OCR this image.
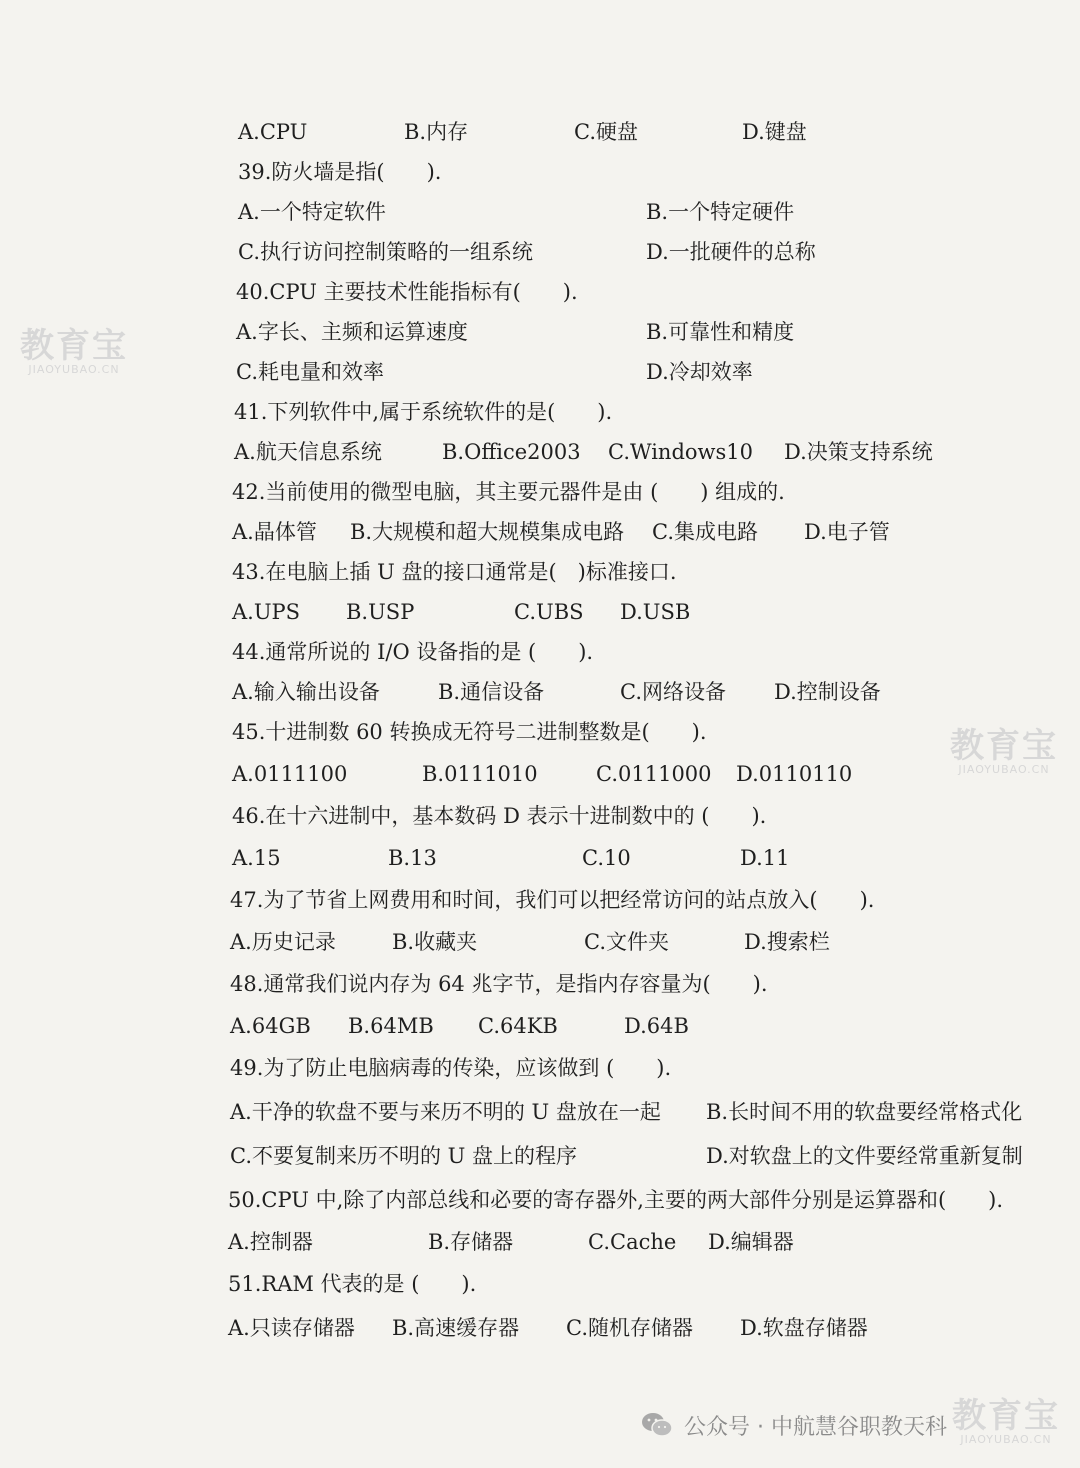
A.CPU	B.内存	C.硬盘	D.键盘
39.防火墙是指(　　).
A.一个特定软件	B.一个特定硬件
C.执行访问控制策略的一组系统	D.一批硬件的总称
40.CPU 主要技术性能指标有(　　).
A.字长、主频和运算速度	B.可靠性和精度
C.耗电量和效率	D.冷却效率
41.下列软件中,属于系统软件的是(　　).
A.航天信息系统	B.Office2003 C.Windows10 D.决策支持系统
42.当前使用的微型电脑，其主要元器件是由 (　　) 组成的.
A.晶体管 B.大规模和超大规模集成电路 C.集成电路 D.电子管
43.在电脑上插 U 盘的接口通常是(　)标准接口.
A.UPS B.USP	C.UBS D.USB
44.通常所说的 I/O 设备指的是 (　　).
A.输入输出设备	B.通信设备	C.网络设备 D.控制设备
45.十进制数 60 转换成无符号二进制整数是(　　).
A.0111100	B.0111010	C.0111000 D.0110110
46.在十六进制中，基本数码 D 表示十进制数中的 (　　).
A.15	B.13	C.10	D.11
47.为了节省上网费用和时间，我们可以把经常访问的站点放入(　　).
A.历史记录	B.收藏夹	C.文件夹	D.搜索栏
48.通常我们说内存为 64 兆字节，是指内存容量为(　　).
A.64GB B.64MB C.64KB	D.64B
49.为了防止电脑病毒的传染，应该做到 (　　).
A.干净的软盘不要与来历不明的 U 盘放在一起 B.长时间不用的软盘要经常格式化
C.不要复制来历不明的 U 盘上的程序	D.对软盘上的文件要经常重新复制
50.CPU 中,除了内部总线和必要的寄存器外,主要的两大部件分别是运算器和(　　).
A.控制器	B.存储器	C.Cache D.编辑器
51.RAM 代表的是 (　　).
A.只读存储器 B.高速缓存器 C.随机存储器 D.软盘存储器
教育宝
JIAOYUBAO.CN
教育宝
JIAOYUBAO.CN
教育宝
JIAOYUBAO.CN
公众号 · 中航慧谷职教天科
